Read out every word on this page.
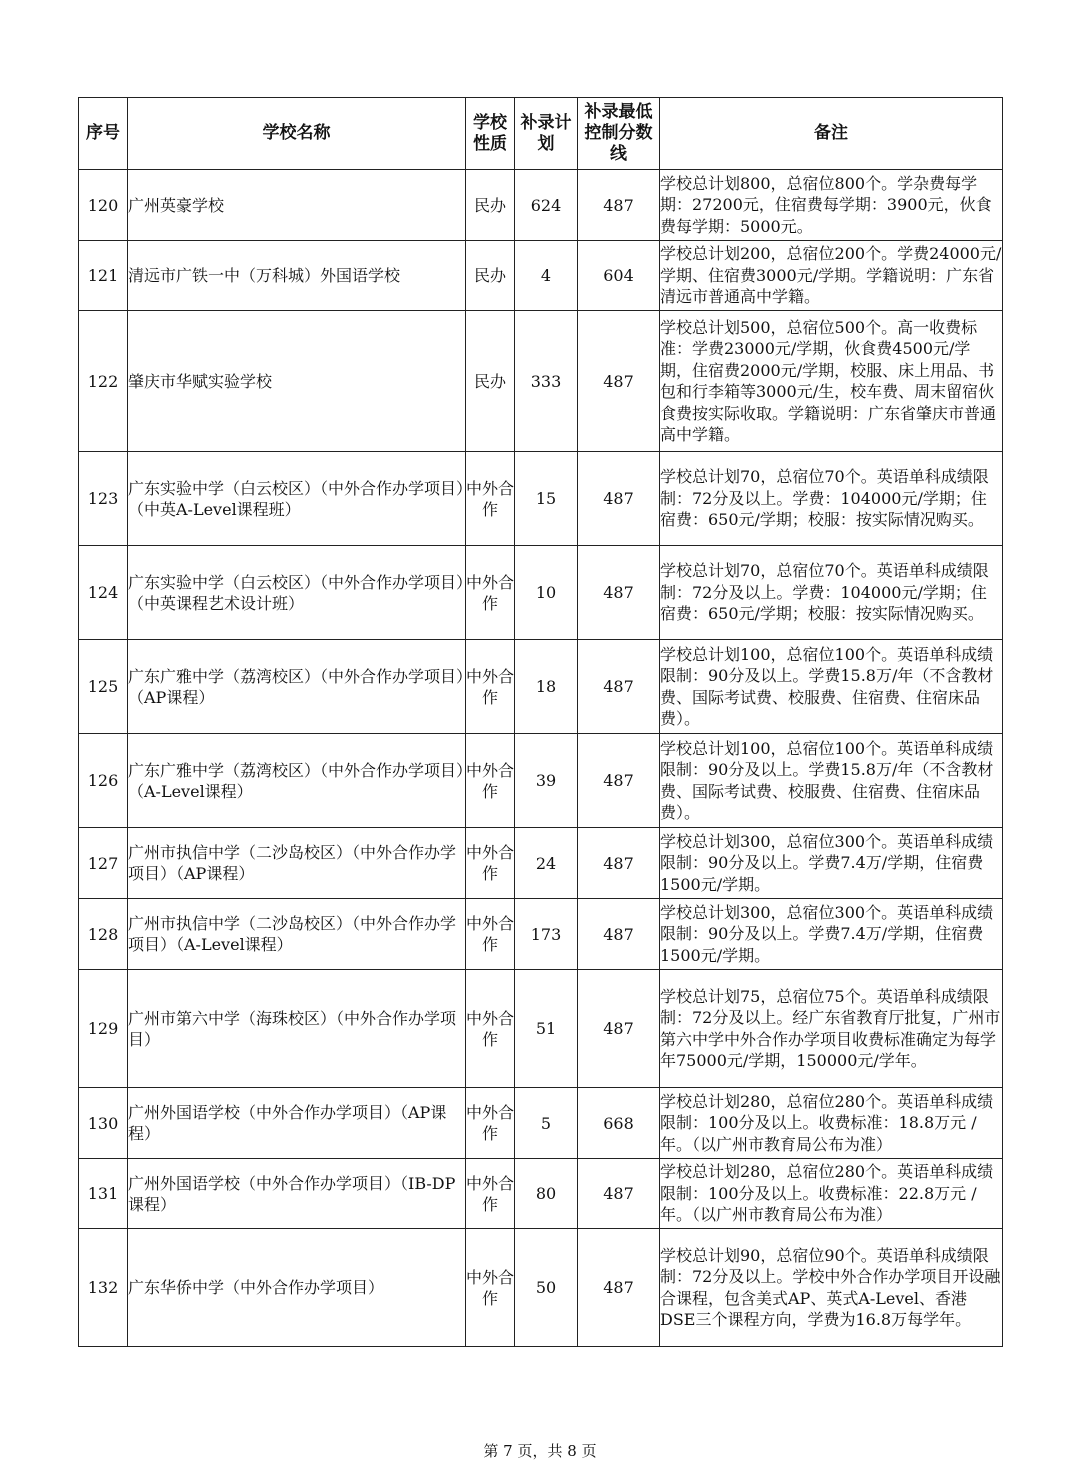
序号	学校名称	学校性质	补录计划	补录最低控制分数线	备注
120	广州英豪学校	民办	624	487	学校总计划800，总宿位800个。学杂费每学期：27200元，住宿费每学期：3900元，伙食费每学期：5000元。
121	清远市广铁一中（万科城）外国语学校	民办	4	604	学校总计划200，总宿位200个。学费24000元/学期、住宿费3000元/学期。学籍说明：广东省清远市普通高中学籍。
122	肇庆市华赋实验学校	民办	333	487	学校总计划500，总宿位500个。高一收费标准：学费23000元/学期，伙食费4500元/学期，住宿费2000元/学期，校服、床上用品、书包和行李箱等3000元/生，校车费、周末留宿伙食费按实际收取。学籍说明：广东省肇庆市普通高中学籍。
123	广东实验中学（白云校区）（中外合作办学项目）（中英A-Level课程班）	中外合作	15	487	学校总计划70，总宿位70个。英语单科成绩限制：72分及以上。学费：104000元/学期；住宿费：650元/学期；校服：按实际情况购买。
124	广东实验中学（白云校区）（中外合作办学项目）（中英课程艺术设计班）	中外合作	10	487	学校总计划70，总宿位70个。英语单科成绩限制：72分及以上。学费：104000元/学期；住宿费：650元/学期；校服：按实际情况购买。
125	广东广雅中学（荔湾校区）（中外合作办学项目）（AP课程）	中外合作	18	487	学校总计划100，总宿位100个。英语单科成绩限制：90分及以上。学费15.8万/年（不含教材费、国际考试费、校服费、住宿费、住宿床品费）。
126	广东广雅中学（荔湾校区）（中外合作办学项目）（A-Level课程）	中外合作	39	487	学校总计划100，总宿位100个。英语单科成绩限制：90分及以上。学费15.8万/年（不含教材费、国际考试费、校服费、住宿费、住宿床品费）。
127	广州市执信中学（二沙岛校区）（中外合作办学项目）（AP课程）	中外合作	24	487	学校总计划300，总宿位300个。英语单科成绩限制：90分及以上。学费7.4万/学期，住宿费1500元/学期。
128	广州市执信中学（二沙岛校区）（中外合作办学项目）（A-Level课程）	中外合作	173	487	学校总计划300，总宿位300个。英语单科成绩限制：90分及以上。学费7.4万/学期，住宿费1500元/学期。
129	广州市第六中学（海珠校区）（中外合作办学项目）	中外合作	51	487	学校总计划75，总宿位75个。英语单科成绩限制：72分及以上。经广东省教育厅批复，广州市第六中学中外合作办学项目收费标准确定为每学年75000元/学期，150000元/学年。
130	广州外国语学校（中外合作办学项目）（AP课程）	中外合作	5	668	学校总计划280，总宿位280个。英语单科成绩限制：100分及以上。收费标准：18.8万元 / 年。（以广州市教育局公布为准）
131	广州外国语学校（中外合作办学项目）（IB-DP课程）	中外合作	80	487	学校总计划280，总宿位280个。英语单科成绩限制：100分及以上。收费标准：22.8万元 / 年。（以广州市教育局公布为准）
132	广东华侨中学（中外合作办学项目）	中外合作	50	487	学校总计划90，总宿位90个。英语单科成绩限制：72分及以上。学校中外合作办学项目开设融合课程，包含美式AP、英式A-Level、香港DSE三个课程方向，学费为16.8万每学年。
第 7 页，共 8 页
